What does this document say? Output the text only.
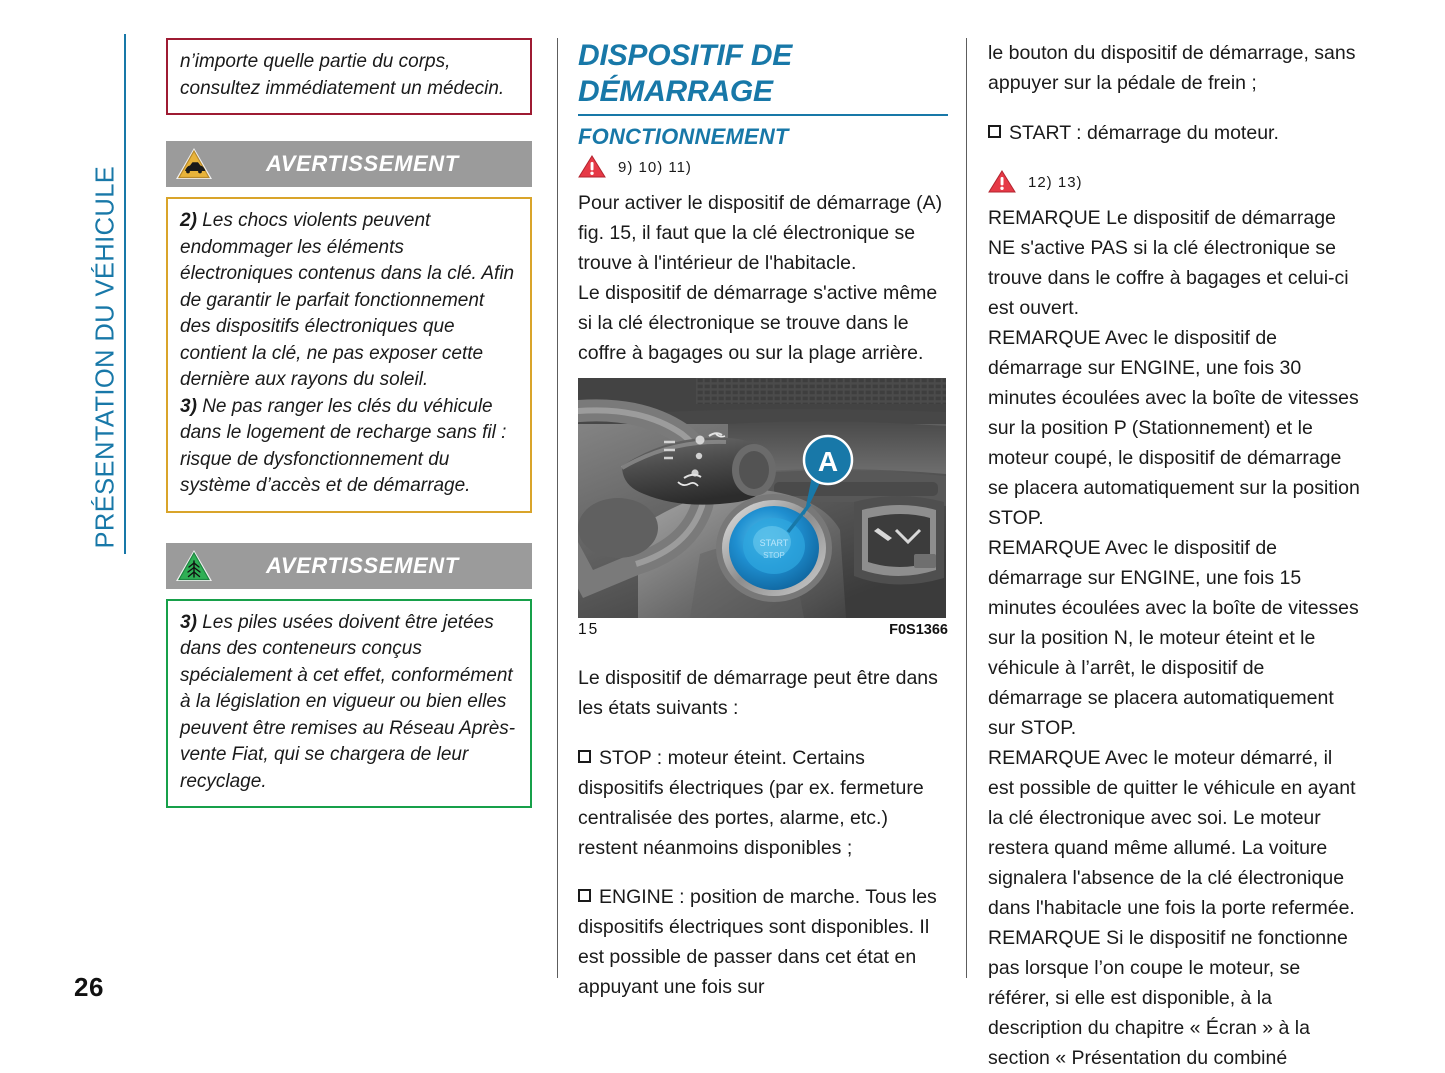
PRÉSENTATION DU VÉHICULE
26

n’importe quelle partie du corps, consultez immédiatement un médecin.

AVERTISSEMENT

2) Les chocs violents peuvent endommager les éléments électroniques contenus dans la clé. Afin de garantir le parfait fonctionnement des dispositifs électroniques que contient la clé, ne pas exposer cette dernière aux rayons du soleil.

3) Ne pas ranger les clés du véhicule dans le logement de recharge sans fil : risque de dysfonctionnement du système d’accès et de démarrage.

AVERTISSEMENT

3) Les piles usées doivent être jetées dans des conteneurs conçus spécialement à cet effet, conformément à la législation en vigueur ou bien elles peuvent être remises au Réseau Après-vente Fiat, qui se chargera de leur recyclage.

DISPOSITIF DE DÉMARRAGE
FONCTIONNEMENT
9) 10) 11)

Pour activer le dispositif de démarrage (A) fig. 15, il faut que la clé électronique se trouve à l'intérieur de l'habitacle.

Le dispositif de démarrage s'active même si la clé électronique se trouve dans le coffre à bagages ou sur la plage arrière.

START
STOP
A
15	F0S1366

Le dispositif de démarrage peut être dans les états suivants :

STOP : moteur éteint. Certains dispositifs électriques (par ex. fermeture centralisée des portes, alarme, etc.) restent néanmoins disponibles ;

ENGINE : position de marche. Tous les dispositifs électriques sont disponibles. Il est possible de passer dans cet état en appuyant une fois sur

le bouton du dispositif de démarrage, sans appuyer sur la pédale de frein ;

START : démarrage du moteur.

12) 13)

REMARQUE Le dispositif de démarrage NE s'active PAS si la clé électronique se trouve dans le coffre à bagages et celui-ci est ouvert.

REMARQUE Avec le dispositif de démarrage sur ENGINE, une fois 30 minutes écoulées avec la boîte de vitesses sur la position P (Stationnement) et le moteur coupé, le dispositif de démarrage se placera automatiquement sur la position STOP.

REMARQUE Avec le dispositif de démarrage sur ENGINE, une fois 15 minutes écoulées avec la boîte de vitesses sur la position N, le moteur éteint et le véhicule à l’arrêt, le dispositif de démarrage se placera automatiquement sur STOP.

REMARQUE Avec le moteur démarré, il est possible de quitter le véhicule en ayant la clé électronique avec soi. Le moteur restera quand même allumé. La voiture signalera l'absence de la clé électronique dans l'habitacle une fois la porte refermée.

REMARQUE Si le dispositif ne fonctionne pas lorsque l’on coupe le moteur, se référer, si elle est disponible, à la description du chapitre « Écran » à la section « Présentation du combiné
